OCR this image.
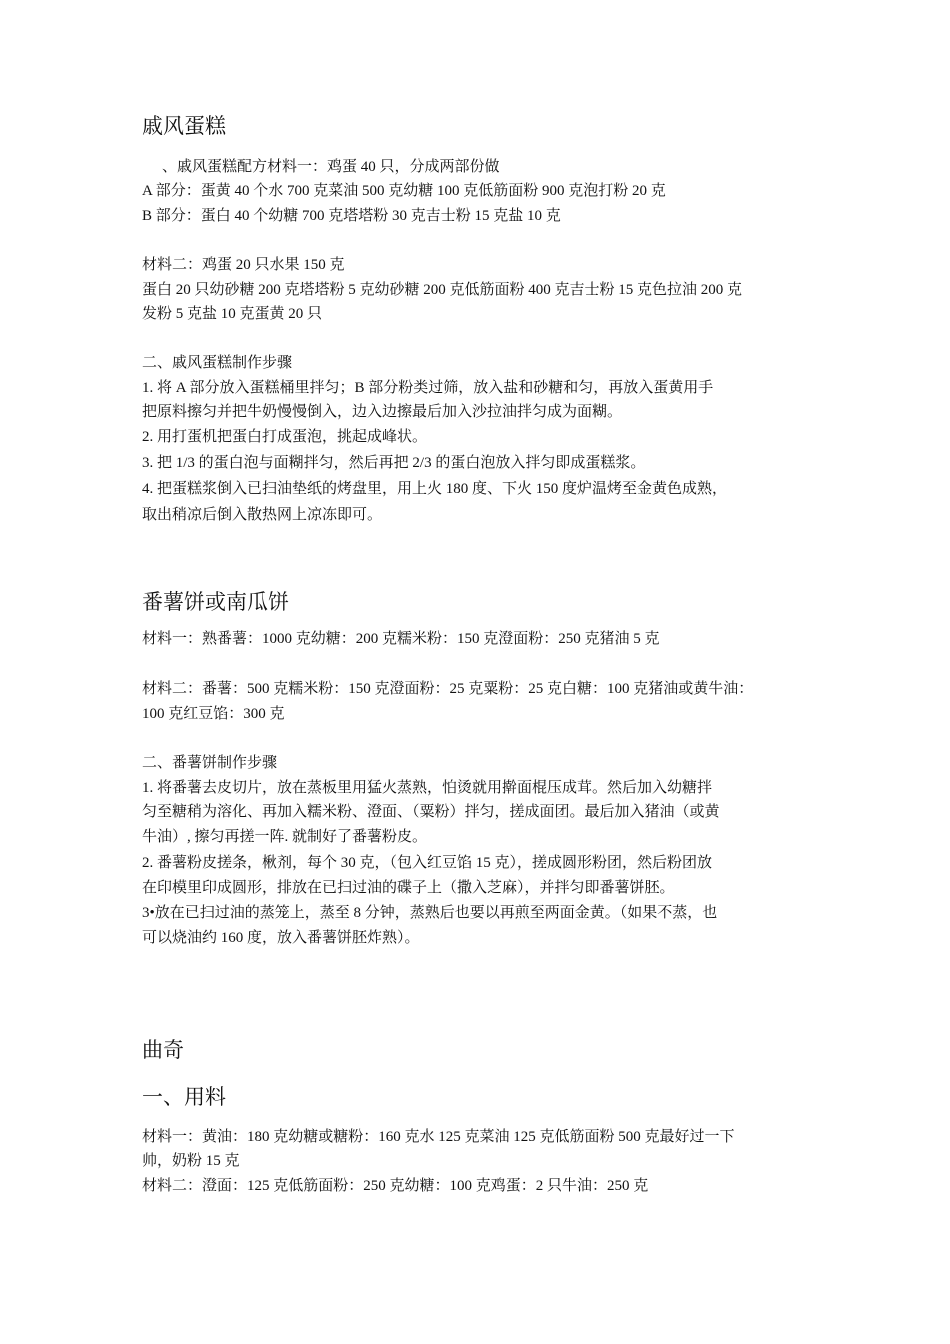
戚风蛋糕
、戚风蛋糕配方材料一：鸡蛋 40 只，分成两部份做
A 部分：蛋黄 40 个水 700 克菜油 500 克幼糖 100 克低筋面粉 900 克泡打粉 20 克
B 部分：蛋白 40 个幼糖 700 克塔塔粉 30 克吉士粉 15 克盐 10 克
材料二：鸡蛋 20 只水果 150 克
蛋白 20 只幼砂糖 200 克塔塔粉 5 克幼砂糖 200 克低筋面粉 400 克吉士粉 15 克色拉油 200 克
发粉 5 克盐 10 克蛋黄 20 只
二、戚风蛋糕制作步骤
1. 将 A 部分放入蛋糕桶里拌匀；B 部分粉类过筛，放入盐和砂糖和匀，再放入蛋黄用手
把原料擦匀并把牛奶慢慢倒入，边入边擦最后加入沙拉油拌匀成为面糊。
2. 用打蛋机把蛋白打成蛋泡，挑起成峰状。
3. 把 1/3 的蛋白泡与面糊拌匀，然后再把 2/3 的蛋白泡放入拌匀即成蛋糕浆。
4. 把蛋糕浆倒入已扫油垫纸的烤盘里，用上火 180 度、下火 150 度炉温烤至金黄色成熟，
取出稍凉后倒入散热网上凉冻即可。
番薯饼或南瓜饼
材料一：熟番薯：1000 克幼糖：200 克糯米粉：150 克澄面粉：250 克猪油 5 克
材料二：番薯：500 克糯米粉：150 克澄面粉：25 克粟粉：25 克白糖：100 克猪油或黄牛油：
100 克红豆馅：300 克
二、番薯饼制作步骤
1. 将番薯去皮切片，放在蒸板里用猛火蒸熟，怕烫就用擀面棍压成茸。然后加入幼糖拌
匀至糖稍为溶化、再加入糯米粉、澄面、（粟粉）拌匀，搓成面团。最后加入猪油（或黄
牛油）, 擦匀再搓一阵. 就制好了番薯粉皮。
2. 番薯粉皮搓条，楸剂，每个 30 克，（包入红豆馅 15 克），搓成圆形粉团，然后粉团放
在印模里印成圆形，排放在已扫过油的碟子上（撒入芝麻），并拌匀即番薯饼胚。
3•放在已扫过油的蒸笼上，蒸至 8 分钟，蒸熟后也要以再煎至两面金黄。（如果不蒸，也
可以烧油约 160 度，放入番薯饼胚炸熟）。
曲奇
一、用料
材料一：黄油：180 克幼糖或糖粉：160 克水 125 克菜油 125 克低筋面粉 500 克最好过一下
帅，奶粉 15 克
材料二：澄面：125 克低筋面粉：250 克幼糖：100 克鸡蛋：2 只牛油：250 克
